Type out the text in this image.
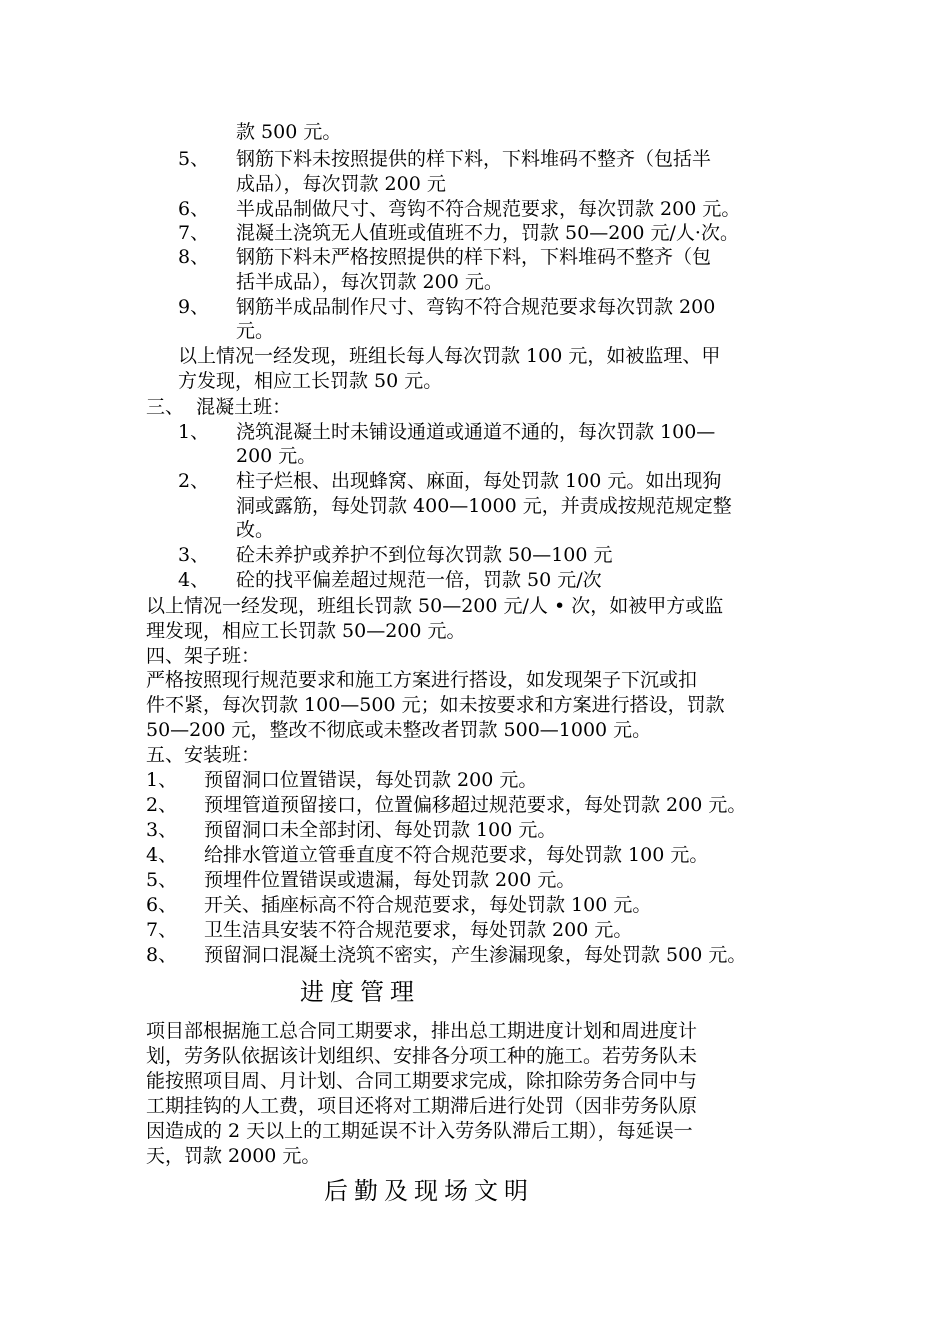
款 500 元。
5、 钢筋下料未按照提供的样下料，下料堆码不整齐（包括半
成品），每次罚款 200 元
6、 半成品制做尺寸、弯钩不符合规范要求，每次罚款 200 元。
7、 混凝土浇筑无人值班或值班不力，罚款 50—200 元/人·次。
8、 钢筋下料未严格按照提供的样下料，下料堆码不整齐（包
括半成品），每次罚款 200 元。
9、 钢筋半成品制作尺寸、弯钩不符合规范要求每次罚款 200
元。
以上情况一经发现，班组长每人每次罚款 100 元，如被监理、甲
方发现，相应工长罚款 50 元。
三、  混凝土班：
1、 浇筑混凝土时未铺设通道或通道不通的，每次罚款 100—
200 元。
2、 柱子烂根、出现蜂窝、麻面，每处罚款 100 元。如出现狗
洞或露筋，每处罚款 400—1000 元，并责成按规范规定整
改。
3、 砼未养护或养护不到位每次罚款 50—100 元
4、 砼的找平偏差超过规范一倍，罚款 50 元/次
以上情况一经发现，班组长罚款 50—200 元/人 • 次，如被甲方或监
理发现，相应工长罚款 50—200 元。
四、架子班：
严格按照现行规范要求和施工方案进行搭设，如发现架子下沉或扣
件不紧，每次罚款 100—500 元；如未按要求和方案进行搭设，罚款
50—200 元，整改不彻底或未整改者罚款 500—1000 元。
五、安装班：
1、 预留洞口位置错误，每处罚款 200 元。
2、 预埋管道预留接口，位置偏移超过规范要求，每处罚款 200 元。
3、 预留洞口未全部封闭、每处罚款 100 元。
4、 给排水管道立管垂直度不符合规范要求，每处罚款 100 元。
5、 预埋件位置错误或遗漏，每处罚款 200 元。
6、 开关、插座标高不符合规范要求，每处罚款 100 元。
7、 卫生洁具安装不符合规范要求，每处罚款 200 元。
8、 预留洞口混凝土浇筑不密实，产生渗漏现象，每处罚款 500 元。
进度管理
项目部根据施工总合同工期要求，排出总工期进度计划和周进度计
划，劳务队依据该计划组织、安排各分项工种的施工。若劳务队未
能按照项目周、月计划、合同工期要求完成，除扣除劳务合同中与
工期挂钩的人工费，项目还将对工期滞后进行处罚（因非劳务队原
因造成的 2 天以上的工期延误不计入劳务队滞后工期），每延误一
天，罚款 2000 元。
后勤及现场文明
